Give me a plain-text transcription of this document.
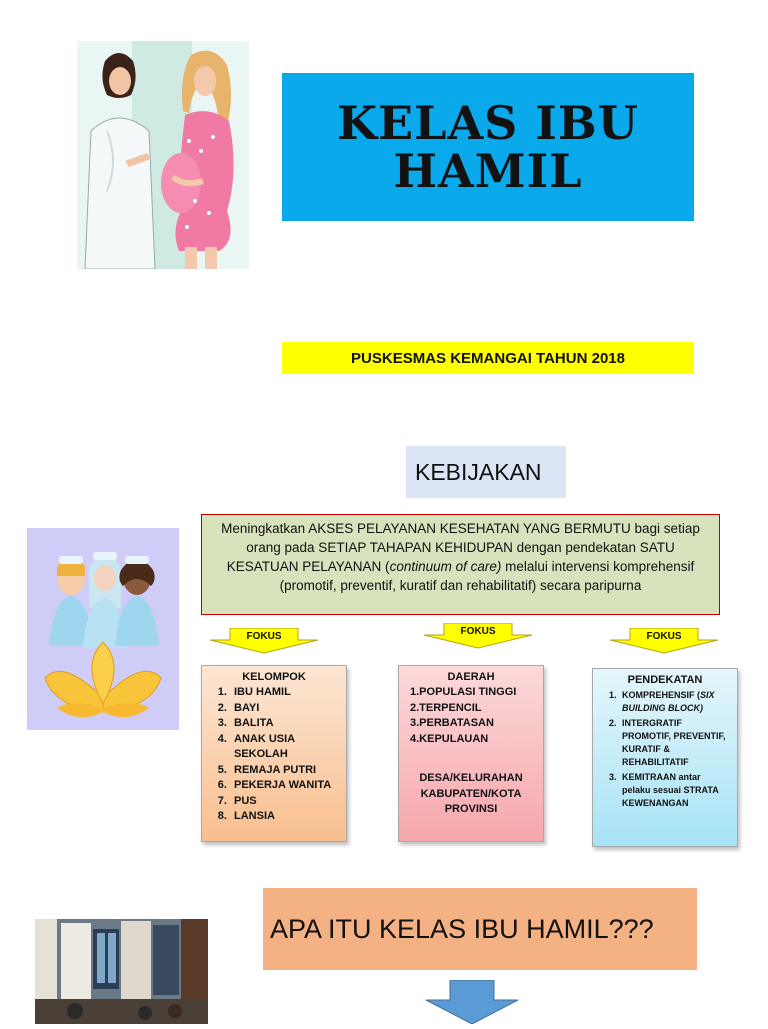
KELAS IBU
HAMIL
PUSKESMAS KEMANGAI TAHUN 2018
KEBIJAKAN
Meningkatkan AKSES PELAYANAN KESEHATAN YANG BERMUTU bagi setiap orang pada SETIAP TAHAPAN KEHIDUPAN dengan pendekatan SATU KESATUAN PELAYANAN (continuum of care) melalui intervensi komprehensif (promotif, preventif, kuratif dan rehabilitatif) secara paripurna
FOKUS	FOKUS	FOKUS
KELOMPOK
1. IBU HAMIL
2. BAYI
3. BALITA
4. ANAK USIA SEKOLAH
5. REMAJA PUTRI
6. PEKERJA WANITA
7. PUS
8. LANSIA
DAERAH
1.POPULASI TINGGI
2.TERPENCIL
3.PERBATASAN
4.KEPULAUAN
DESA/KELURAHAN
KABUPATEN/KOTA
PROVINSI
PENDEKATAN
1. KOMPREHENSIF (SIX BUILDING BLOCK)
2. INTERGRATIF PROMOTIF, PREVENTIF, KURATIF & REHABILITATIF
3. KEMITRAAN antar pelaku sesuai STRATA KEWENANGAN
APA ITU KELAS IBU HAMIL???
